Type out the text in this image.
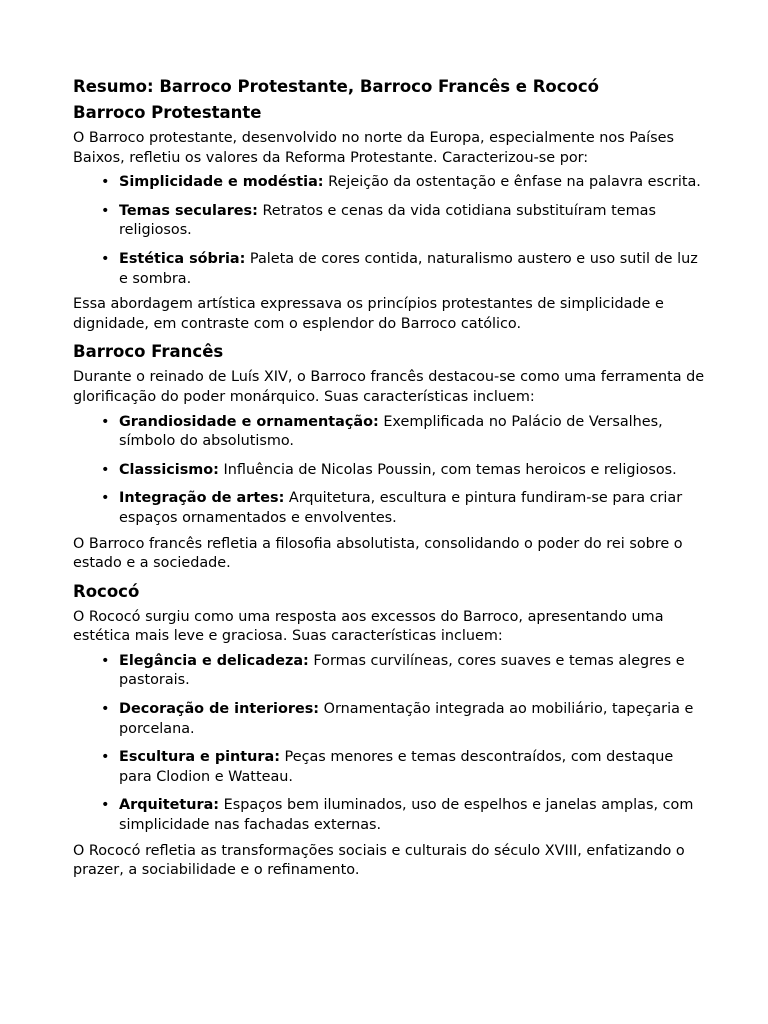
Resumo: Barroco Protestante, Barroco Francês e Rococó
Barroco Protestante

O Barroco protestante, desenvolvido no norte da Europa, especialmente nos Países Baixos, refletiu os valores da Reforma Protestante. Caracterizou-se por:

• Simplicidade e modéstia: Rejeição da ostentação e ênfase na palavra escrita.
• Temas seculares: Retratos e cenas da vida cotidiana substituíram temas religiosos.
• Estética sóbria: Paleta de cores contida, naturalismo austero e uso sutil de luz e sombra.

Essa abordagem artística expressava os princípios protestantes de simplicidade e dignidade, em contraste com o esplendor do Barroco católico.

Barroco Francês

Durante o reinado de Luís XIV, o Barroco francês destacou-se como uma ferramenta de glorificação do poder monárquico. Suas características incluem:

• Grandiosidade e ornamentação: Exemplificada no Palácio de Versalhes, símbolo do absolutismo.
• Classicismo: Influência de Nicolas Poussin, com temas heroicos e religiosos.
• Integração de artes: Arquitetura, escultura e pintura fundiram-se para criar espaços ornamentados e envolventes.

O Barroco francês refletia a filosofia absolutista, consolidando o poder do rei sobre o estado e a sociedade.

Rococó

O Rococó surgiu como uma resposta aos excessos do Barroco, apresentando uma estética mais leve e graciosa. Suas características incluem:

• Elegância e delicadeza: Formas curvilíneas, cores suaves e temas alegres e pastorais.
• Decoração de interiores: Ornamentação integrada ao mobiliário, tapeçaria e porcelana.
• Escultura e pintura: Peças menores e temas descontraídos, com destaque para Clodion e Watteau.
• Arquitetura: Espaços bem iluminados, uso de espelhos e janelas amplas, com simplicidade nas fachadas externas.

O Rococó refletia as transformações sociais e culturais do século XVIII, enfatizando o prazer, a sociabilidade e o refinamento.
